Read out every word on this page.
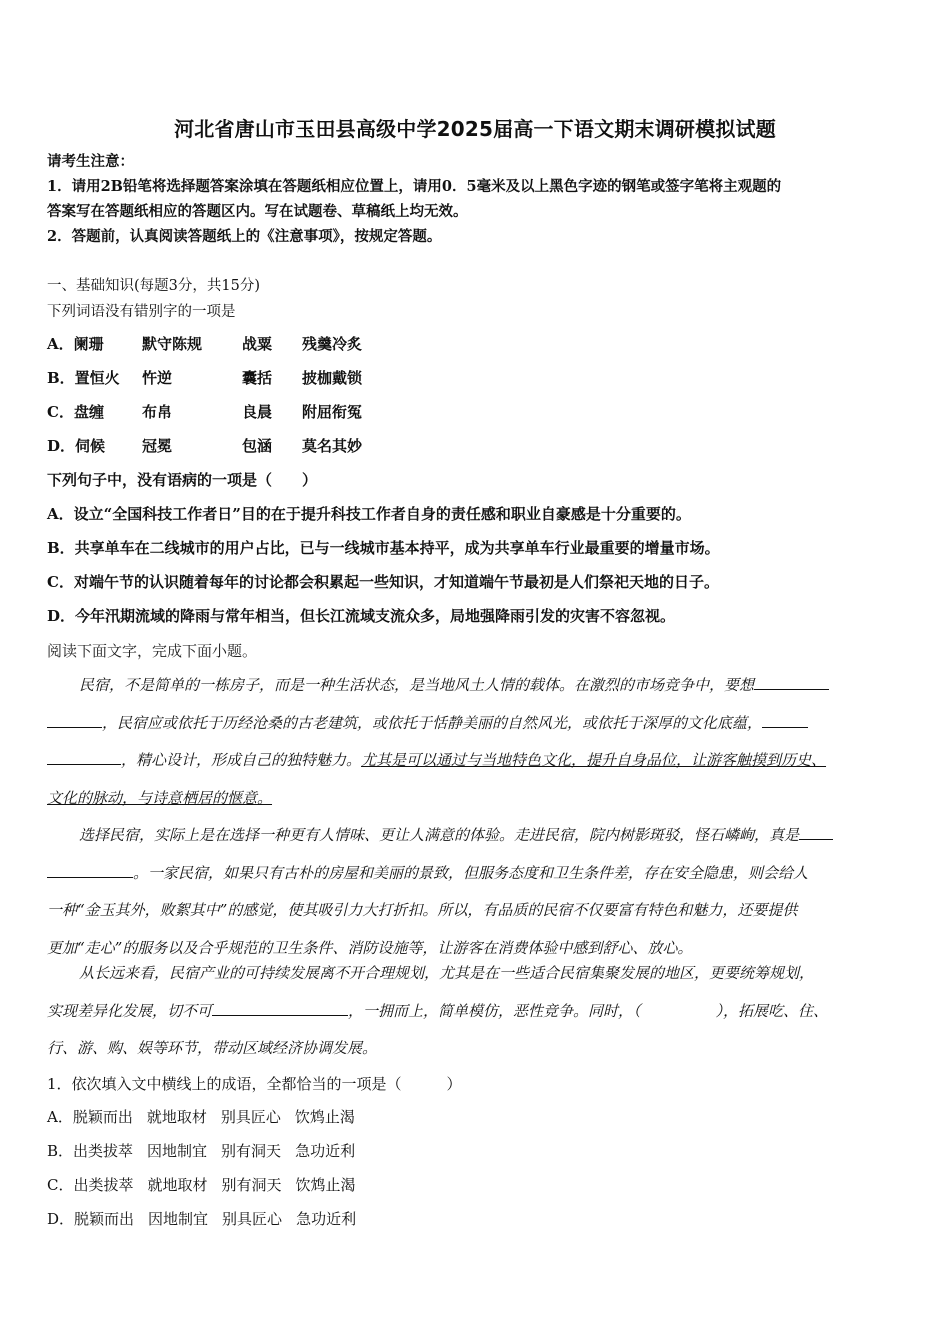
河北省唐山市玉田县高级中学2025届高一下语文期末调研模拟试题
请考生注意：
1．请用2B铅笔将选择题答案涂填在答题纸相应位置上，请用0．5毫米及以上黑色字迹的钢笔或签字笔将主观题的
答案写在答题纸相应的答题区内。写在试题卷、草稿纸上均无效。
2．答题前，认真阅读答题纸上的《注意事项》，按规定答题。
一、基础知识(每题3分，共15分)
下列词语没有错别字的一项是
A．阑珊	默守陈规	战粟 残羹冷炙
B．置恒火 忤逆	囊括 披枷戴锁
C．盘缠	布帛	良晨 附屈衔冤
D．伺候 冠冕	包涵 莫名其妙
下列句子中，没有语病的一项是（　　）
A．设立“全国科技工作者日”目的在于提升科技工作者自身的责任感和职业自豪感是十分重要的。
B．共享单车在二线城市的用户占比，已与一线城市基本持平，成为共享单车行业最重要的增量市场。
C．对端午节的认识随着每年的讨论都会积累起一些知识，才知道端午节最初是人们祭祀天地的日子。
D．今年汛期流域的降雨与常年相当，但长江流域支流众多，局地强降雨引发的灾害不容忽视。
阅读下面文字，完成下面小题。
民宿，不是简单的一栋房子，而是一种生活状态，是当地风土人情的载体。在激烈的市场竞争中，要想
，民宿应或依托于历经沧桑的古老建筑，或依托于恬静美丽的自然风光，或依托于深厚的文化底蕴，
，精心设计，形成自己的独特魅力。尤其是可以通过与当地特色文化，提升自身品位，让游客触摸到历史、
文化的脉动，与诗意栖居的惬意。
选择民宿，实际上是在选择一种更有人情味、更让人满意的体验。走进民宿，院内树影斑驳，怪石嶙峋，真是
。一家民宿，如果只有古朴的房屋和美丽的景致，但服务态度和卫生条件差，存在安全隐患，则会给人
一种“金玉其外，败絮其中”的感觉，使其吸引力大打折扣。所以，有品质的民宿不仅要富有特色和魅力，还要提供
更加“走心”的服务以及合乎规范的卫生条件、消防设施等，让游客在消费体验中感到舒心、放心。
从长远来看，民宿产业的可持续发展离不开合理规划，尤其是在一些适合民宿集聚发展的地区，更要统筹规划，
实现差异化发展，切不可	，一拥而上，简单模仿，恶性竞争。同时，（　　　　　），拓展吃、住、
行、游、购、娱等环节，带动区域经济协调发展。
1．依次填入文中横线上的成语，全都恰当的一项是（　　　）
A．脱颖而出 就地取材 别具匠心 饮鸩止渴
B．出类拔萃 因地制宜 别有洞天 急功近利
C．出类拔萃 就地取材 别有洞天 饮鸩止渴
D．脱颖而出 因地制宜 别具匠心 急功近利
